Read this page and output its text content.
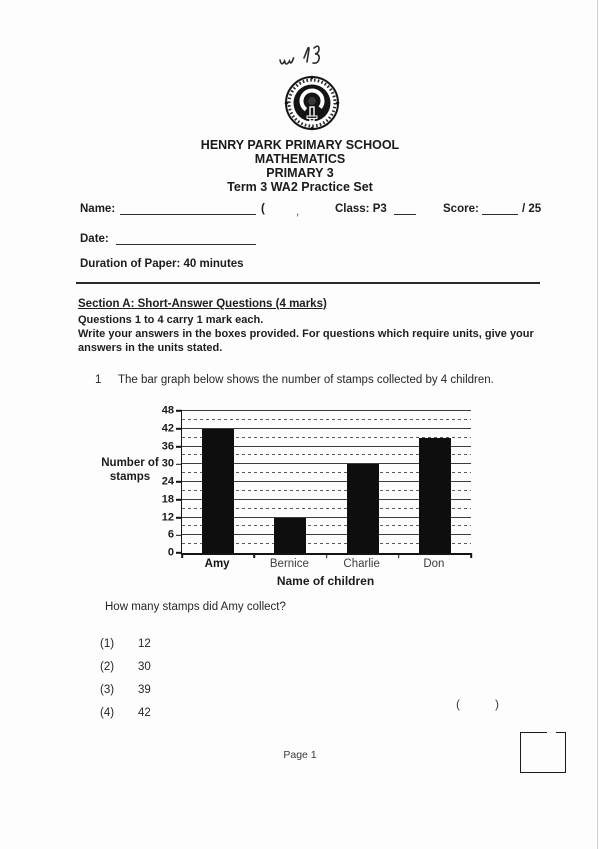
HENRY PARK PRIMARY SCHOOL
MATHEMATICS
PRIMARY 3
Term 3 WA2 Practice Set
Name:	(	,	Class: P3	Score:	/ 25
Date:
Duration of Paper: 40 minutes
Section A: Short-Answer Questions (4 marks)
Questions 1 to 4 carry 1 mark each.
Write your answers in the boxes provided. For questions which require units, give your
answers in the units stated.
1 The bar graph below shows the number of stamps collected by 4 children.
Number of
stamps
0
6
12
18
24
30
36
42
48
Amy	Bernice	Charlie	Don
Name of children
How many stamps did Amy collect?
(1) 12
(2) 30
(3) 39
(4) 42
(	)
Page 1
